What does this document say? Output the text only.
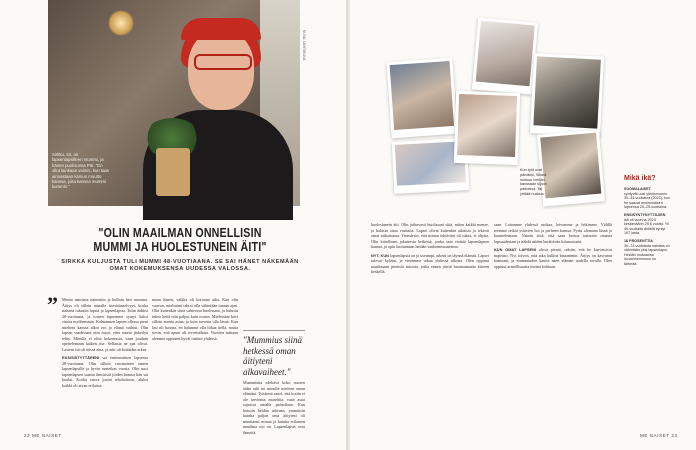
Sirkku, 53, on lapsenlapsilleen mummi, ja hänen puolisonsa Pär. "En ollut lainkaan valmis, kun taas ainoastaan kamun muutto kanssa, joita kanssa mummi kummin."
KUVA: LEHTIKUVA
"OLIN MAAILMAN ONNELLISIN MUMMI JA HUOLESTUNEIN ÄITI"
SIRKKA KULJUSTA TULI MUMMI 48-VUOTIAANA. SE SAI HÄNET NÄKEMÄÄN OMAT KOKEMUKSENSA UUDESSA VALOSSA.
” Menin naurusta naimisiin ja hulluin heti nuorana. Äitiys oli silloin minulle itsestäänselvyys, koska naisena rakastin lapsia ja lapsenlapsia. Tulin äidiksi 20-vuotiaana, ja toinen lapsemme syntyi kaksi vuotta myöhemmin. Kolmannen lapsen ollessa pieni mieheni kanssa alkoi ero ja elämä vaihtui. Olin lapsen saadessani niin nuori, ettei suurta järkeilyä tehty. Minulla ei ollut kokemusta, vaan jouduin opettelemaan kaiken itse. Sellaisia ne ajat olivat. Lasteni isä oli töissä aina, ja arki oli kotiäidin arkea.

EKSISISTYTTÄRENI sai ensimmäisen lapsensa 28-vuotiaana. Olin silloin varsinainen onnen lapsenlapsille ja hyvin tunteikas vuosia. Olin uusi lapsenlapsen saanut ihmisistä joiden kanssa hän sai koulut. Koska vauva joutui tehohoitoon, aluksi kaikki oli aivan erilaista.

maan hänen, vaikka oli koronan aika. Kun olin vauvan, mielistäni tahtoi olla vähintään tunnin ajan. Olin kuitenkin siinä suhteessa huolissani, ja halusin tukea heitä niin paljon kuin osasin. Mielessäni kävi silloin monta asiaa, ja koin tarvetta olla läsnä. Kun lasi oli kotona, en halunnut olla liikaa tiellä, mutta tiesin, että apuni oli tervetullutta. Vuosien mittaan olemme oppineet hyvät rutiinit yhdessä.

Mummiutta edeltävä koko nuoren äidin arki toi minulle mieleen oman elämäni. Tyttäreni sanoi, että kotiin ei ole tarvinnut murehtia, vaan asiat sujuivat omalla painollaan. Kun katsoin heidän arkeaan, ymmärsin kuinka paljon oma äitiyteni oli muuttanut minua ja kuinka erilainen maailma nyt on. Lapsenlapset ovat ihmeitä.

"Mummius siinä hetkessä oman äitiyteni alkavaiheet."
22 ME NAISET
Kun työt ovat päiväksi, Sirkka nukkuu heidän kanssaan sijoon padoissa. Tai yrittää nukkua.
Mikä ikä?
SUOMALAISET
syntyvät uusi ykkösmumin 30–34-vuotiaina (2023), kun he saavat ensimmäisen lapsensa 25–29-vuotiaina.
ENSISYNTYNYTTÄJIEN
ikä oli vuonna 2023 keskimäärin 29,6 vuotta. Yli 40-vuotiaita äidistä syntyi 197 lasta.
18 PROSENTTIA
30–74-vuotiaista naisista on vähintään yksi lapsenlapsi. Heidän mukaansa isovanhemmuus on tärkeää.

huolestunein äiti. Olin jatkuvasti huolissani siitä, miten kaikki menee, ja halusin ottaa vastuuta. Lapset olivat kuitenkin aikuisia ja tekivät omat ratkaisunsa. Ymmärsin, että minun tehtäväni oli tukea, ei ohjata. Olin kiitollinen jokaisesta hetkestä, jonka sain viettää lapsenlapsen kanssa, ja opin luottamaan heidän vanhemmuuteensa.

NYT, KUN lapsenlapsia on jo useampi, arkeni on täynnä elämää. Lapset tulevat kylään, ja vietämme aikaa yhdessä ulkona. Olen oppinut nauttimaan pienistä asioista, jotka ennen jäivät huomaamatta kiireen keskellä.

saan. Laitamme yhdessä ruokaa, leivomme ja leikimme. Välillä teemme retkiä ystävien luo ja perheen kanssa. Pyrin olemaan läsnä ja kuuntelemaan. Nautin siitä, että saan kertoa tarinoita omasta lapsuudestani ja nähdä niiden herättävän kiinnostusta.

KUN OMAT LAPSENI olivat pieniä, odotin, että he kasvaisivat nopeasti. Nyt toivon, että aika kulkisi hitaammin. Äitiys on kasvanut kanssani, ja mummiuden kautta näen elämän uudella tavalla. Olen oppinut armollisuutta itseäni kohtaan.

ME NAISET 23
